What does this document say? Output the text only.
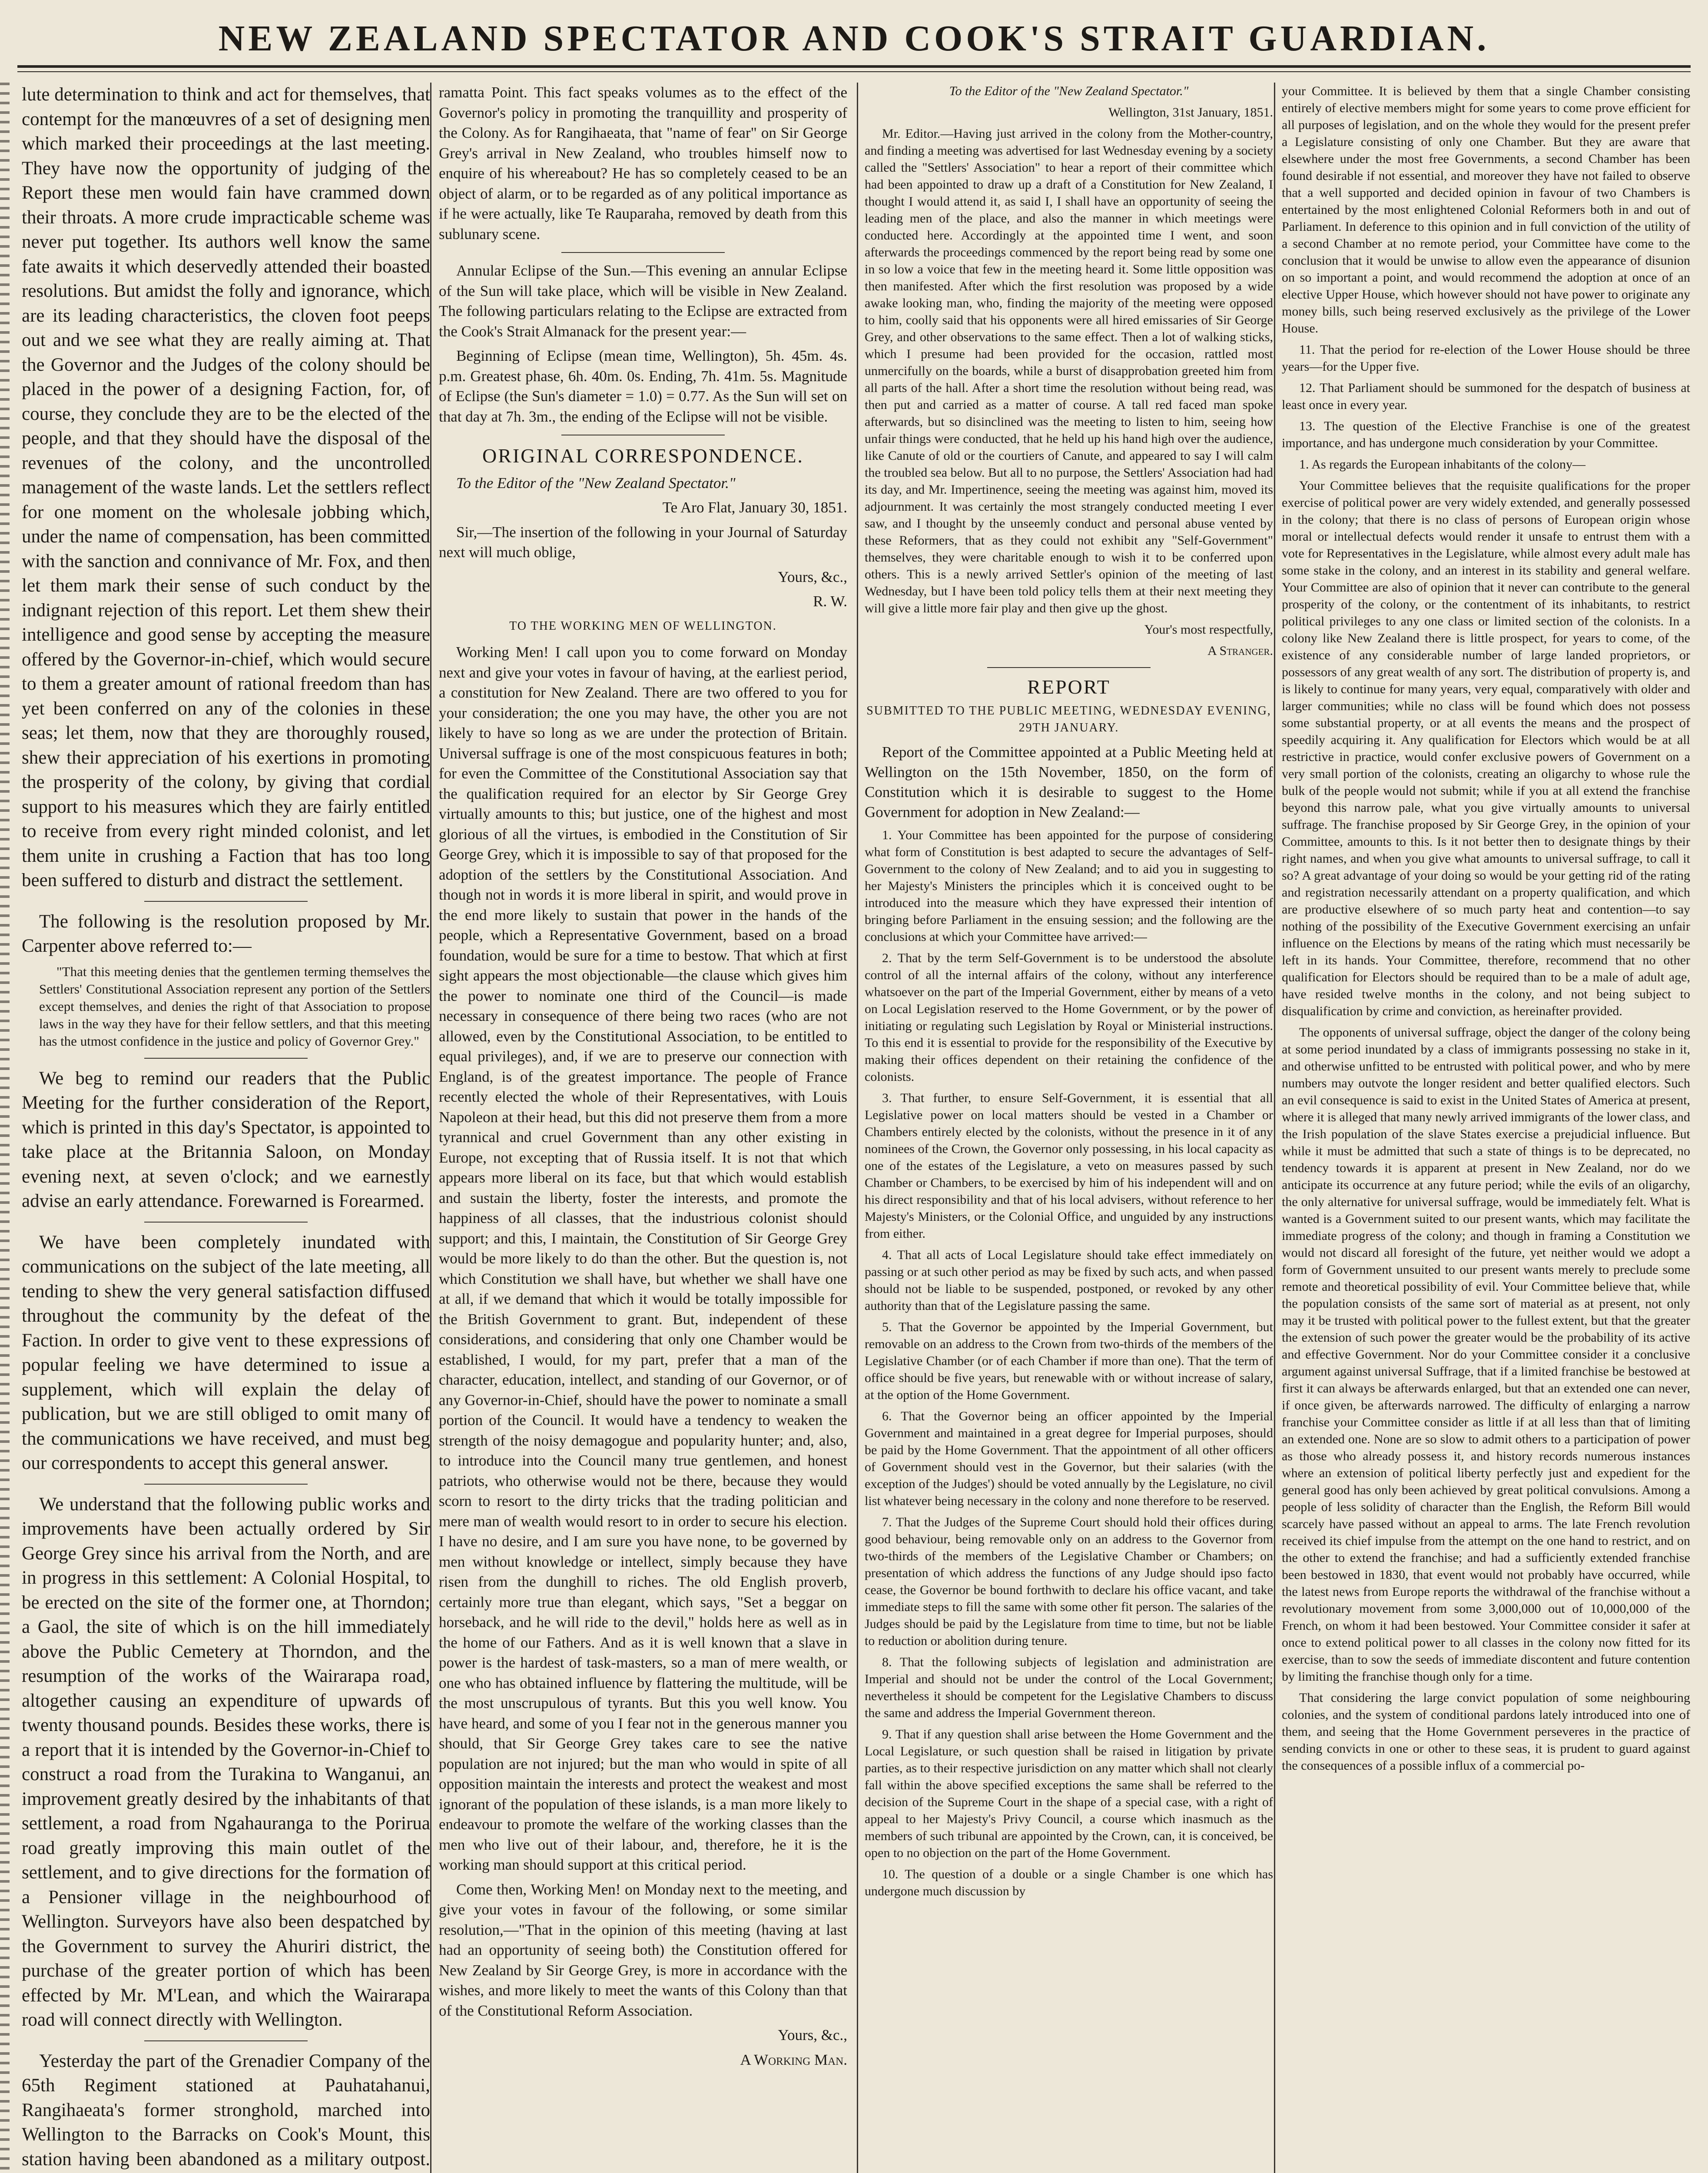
NEW ZEALAND SPECTATOR AND COOK'S STRAIT GUARDIAN.

lute determination to think and act for themselves, that contempt for the manœuvres of a set of designing men which marked their proceedings at the last meeting. They have now the opportunity of judging of the Report these men would fain have crammed down their throats. A more crude impracticable scheme was never put together. Its authors well know the same fate awaits it which deservedly attended their boasted resolutions. But amidst the folly and ignorance, which are its leading characteristics, the cloven foot peeps out and we see what they are really aiming at. That the Governor and the Judges of the colony should be placed in the power of a designing Faction, for, of course, they conclude they are to be the elected of the people, and that they should have the disposal of the revenues of the colony, and the uncontrolled management of the waste lands. Let the settlers reflect for one moment on the wholesale jobbing which, under the name of compensation, has been committed with the sanction and connivance of Mr. Fox, and then let them mark their sense of such conduct by the indignant rejection of this report. Let them shew their intelligence and good sense by accepting the measure offered by the Governor-in-chief, which would secure to them a greater amount of rational freedom than has yet been conferred on any of the colonies in these seas; let them, now that they are thoroughly roused, shew their appreciation of his exertions in promoting the prosperity of the colony, by giving that cordial support to his measures which they are fairly entitled to receive from every right minded colonist, and let them unite in crushing a Faction that has too long been suffered to disturb and distract the settlement.

The following is the resolution proposed by Mr. Carpenter above referred to:—

"That this meeting denies that the gentlemen terming themselves the Settlers' Constitutional Association represent any portion of the Settlers except themselves, and denies the right of that Association to propose laws in the way they have for their fellow settlers, and that this meeting has the utmost confidence in the justice and policy of Governor Grey."

We beg to remind our readers that the Public Meeting for the further consideration of the Report, which is printed in this day's Spectator, is appointed to take place at the Britannia Saloon, on Monday evening next, at seven o'clock; and we earnestly advise an early attendance. Forewarned is Forearmed.

We have been completely inundated with communications on the subject of the late meeting, all tending to shew the very general satisfaction diffused throughout the community by the defeat of the Faction. In order to give vent to these expressions of popular feeling we have determined to issue a supplement, which will explain the delay of publication, but we are still obliged to omit many of the communications we have received, and must beg our correspondents to accept this general answer.

We understand that the following public works and improvements have been actually ordered by Sir George Grey since his arrival from the North, and are in progress in this settlement: A Colonial Hospital, to be erected on the site of the former one, at Thorndon; a Gaol, the site of which is on the hill immediately above the Public Cemetery at Thorndon, and the resumption of the works of the Wairarapa road, altogether causing an expenditure of upwards of twenty thousand pounds. Besides these works, there is a report that it is intended by the Governor-in-Chief to construct a road from the Turakina to Wanganui, an improvement greatly desired by the inhabitants of that settlement, a road from Ngahauranga to the Porirua road greatly improving this main outlet of the settlement, and to give directions for the formation of a Pensioner village in the neighbourhood of Wellington. Surveyors have also been despatched by the Government to survey the Ahuriri district, the purchase of the greater portion of which has been effected by Mr. M'Lean, and which the Wairarapa road will connect directly with Wellington.

Yesterday the part of the Grenadier Company of the 65th Regiment stationed at Pauhatahanui, Rangihaeata's former stronghold, marched into Wellington to the Barracks on Cook's Mount, this station having been abandoned as a military outpost.

ramatta Point. This fact speaks volumes as to the effect of the Governor's policy in promoting the tranquillity and prosperity of the Colony. As for Rangihaeata, that "name of fear" on Sir George Grey's arrival in New Zealand, who troubles himself now to enquire of his whereabout? He has so completely ceased to be an object of alarm, or to be regarded as of any political importance as if he were actually, like Te Rauparaha, removed by death from this sublunary scene.

Annular Eclipse of the Sun.—This evening an annular Eclipse of the Sun will take place, which will be visible in New Zealand. The following particulars relating to the Eclipse are extracted from the Cook's Strait Almanack for the present year:—

Beginning of Eclipse (mean time, Wellington), 5h. 45m. 4s. p.m. Greatest phase, 6h. 40m. 0s. Ending, 7h. 41m. 5s. Magnitude of Eclipse (the Sun's diameter = 1.0) = 0.77. As the Sun will set on that day at 7h. 3m., the ending of the Eclipse will not be visible.

ORIGINAL CORRESPONDENCE.

To the Editor of the "New Zealand Spectator."

Te Aro Flat, January 30, 1851.

Sir,—The insertion of the following in your Journal of Saturday next will much oblige,

Yours, &c.,

R. W.

TO THE WORKING MEN OF WELLINGTON.

Working Men! I call upon you to come forward on Monday next and give your votes in favour of having, at the earliest period, a constitution for New Zealand. There are two offered to you for your consideration; the one you may have, the other you are not likely to have so long as we are under the protection of Britain. Universal suffrage is one of the most conspicuous features in both; for even the Committee of the Constitutional Association say that the qualification required for an elector by Sir George Grey virtually amounts to this; but justice, one of the highest and most glorious of all the virtues, is embodied in the Constitution of Sir George Grey, which it is impossible to say of that proposed for the adoption of the settlers by the Constitutional Association. And though not in words it is more liberal in spirit, and would prove in the end more likely to sustain that power in the hands of the people, which a Representative Government, based on a broad foundation, would be sure for a time to bestow. That which at first sight appears the most objectionable—the clause which gives him the power to nominate one third of the Council—is made necessary in consequence of there being two races (who are not allowed, even by the Constitutional Association, to be entitled to equal privileges), and, if we are to preserve our connection with England, is of the greatest importance. The people of France recently elected the whole of their Representatives, with Louis Napoleon at their head, but this did not preserve them from a more tyrannical and cruel Government than any other existing in Europe, not excepting that of Russia itself. It is not that which appears more liberal on its face, but that which would establish and sustain the liberty, foster the interests, and promote the happiness of all classes, that the industrious colonist should support; and this, I maintain, the Constitution of Sir George Grey would be more likely to do than the other. But the question is, not which Constitution we shall have, but whether we shall have one at all, if we demand that which it would be totally impossible for the British Government to grant. But, independent of these considerations, and considering that only one Chamber would be established, I would, for my part, prefer that a man of the character, education, intellect, and standing of our Governor, or of any Governor-in-Chief, should have the power to nominate a small portion of the Council. It would have a tendency to weaken the strength of the noisy demagogue and popularity hunter; and, also, to introduce into the Council many true gentlemen, and honest patriots, who otherwise would not be there, because they would scorn to resort to the dirty tricks that the trading politician and mere man of wealth would resort to in order to secure his election. I have no desire, and I am sure you have none, to be governed by men without knowledge or intellect, simply because they have risen from the dunghill to riches. The old English proverb, certainly more true than elegant, which says, "Set a beggar on horseback, and he will ride to the devil," holds here as well as in the home of our Fathers. And as it is well known that a slave in power is the hardest of task-masters, so a man of mere wealth, or one who has obtained influence by flattering the multitude, will be the most unscrupulous of tyrants. But this you well know. You have heard, and some of you I fear not in the generous manner you should, that Sir George Grey takes care to see the native population are not injured; but the man who would in spite of all opposition maintain the interests and protect the weakest and most ignorant of the population of these islands, is a man more likely to endeavour to promote the welfare of the working classes than the men who live out of their labour, and, therefore, he it is the working man should support at this critical period.

Come then, Working Men! on Monday next to the meeting, and give your votes in favour of the following, or some similar resolution,—"That in the opinion of this meeting (having at last had an opportunity of seeing both) the Constitution offered for New Zealand by Sir George Grey, is more in accordance with the wishes, and more likely to meet the wants of this Colony than that of the Constitutional Reform Association.

Yours, &c.,

A Working Man.

To the Editor of the "New Zealand Spectator."

Wellington, 31st January, 1851.

Mr. Editor.—Having just arrived in the colony from the Mother-country, and finding a meeting was advertised for last Wednesday evening by a society called the "Settlers' Association" to hear a report of their committee which had been appointed to draw up a draft of a Constitution for New Zealand, I thought I would attend it, as said I, I shall have an opportunity of seeing the leading men of the place, and also the manner in which meetings were conducted here. Accordingly at the appointed time I went, and soon afterwards the proceedings commenced by the report being read by some one in so low a voice that few in the meeting heard it. Some little opposition was then manifested. After which the first resolution was proposed by a wide awake looking man, who, finding the majority of the meeting were opposed to him, coolly said that his opponents were all hired emissaries of Sir George Grey, and other observations to the same effect. Then a lot of walking sticks, which I presume had been provided for the occasion, rattled most unmercifully on the boards, while a burst of disapprobation greeted him from all parts of the hall. After a short time the resolution without being read, was then put and carried as a matter of course. A tall red faced man spoke afterwards, but so disinclined was the meeting to listen to him, seeing how unfair things were conducted, that he held up his hand high over the audience, like Canute of old or the courtiers of Canute, and appeared to say I will calm the troubled sea below. But all to no purpose, the Settlers' Association had had its day, and Mr. Impertinence, seeing the meeting was against him, moved its adjournment. It was certainly the most strangely conducted meeting I ever saw, and I thought by the unseemly conduct and personal abuse vented by these Reformers, that as they could not exhibit any "Self-Government" themselves, they were charitable enough to wish it to be conferred upon others. This is a newly arrived Settler's opinion of the meeting of last Wednesday, but I have been told policy tells them at their next meeting they will give a little more fair play and then give up the ghost.

Your's most respectfully,

A Stranger.

REPORT
SUBMITTED TO THE PUBLIC MEETING, WEDNESDAY EVENING, 29TH JANUARY.

Report of the Committee appointed at a Public Meeting held at Wellington on the 15th November, 1850, on the form of Constitution which it is desirable to suggest to the Home Government for adoption in New Zealand:—

1. Your Committee has been appointed for the purpose of considering what form of Constitution is best adapted to secure the advantages of Self-Government to the colony of New Zealand; and to aid you in suggesting to her Majesty's Ministers the principles which it is conceived ought to be introduced into the measure which they have expressed their intention of bringing before Parliament in the ensuing session; and the following are the conclusions at which your Committee have arrived:—

2. That by the term Self-Government is to be understood the absolute control of all the internal affairs of the colony, without any interference whatsoever on the part of the Imperial Government, either by means of a veto on Local Legislation reserved to the Home Government, or by the power of initiating or regulating such Legislation by Royal or Ministerial instructions. To this end it is essential to provide for the responsibility of the Executive by making their offices dependent on their retaining the confidence of the colonists.

3. That further, to ensure Self-Government, it is essential that all Legislative power on local matters should be vested in a Chamber or Chambers entirely elected by the colonists, without the presence in it of any nominees of the Crown, the Governor only possessing, in his local capacity as one of the estates of the Legislature, a veto on measures passed by such Chamber or Chambers, to be exercised by him of his independent will and on his direct responsibility and that of his local advisers, without reference to her Majesty's Ministers, or the Colonial Office, and unguided by any instructions from either.

4. That all acts of Local Legislature should take effect immediately on passing or at such other period as may be fixed by such acts, and when passed should not be liable to be suspended, postponed, or revoked by any other authority than that of the Legislature passing the same.

5. That the Governor be appointed by the Imperial Government, but removable on an address to the Crown from two-thirds of the members of the Legislative Chamber (or of each Chamber if more than one). That the term of office should be five years, but renewable with or without increase of salary, at the option of the Home Government.

6. That the Governor being an officer appointed by the Imperial Government and maintained in a great degree for Imperial purposes, should be paid by the Home Government. That the appointment of all other officers of Government should vest in the Governor, but their salaries (with the exception of the Judges') should be voted annually by the Legislature, no civil list whatever being necessary in the colony and none therefore to be reserved.

7. That the Judges of the Supreme Court should hold their offices during good behaviour, being removable only on an address to the Governor from two-thirds of the members of the Legislative Chamber or Chambers; on presentation of which address the functions of any Judge should ipso facto cease, the Governor be bound forthwith to declare his office vacant, and take immediate steps to fill the same with some other fit person. The salaries of the Judges should be paid by the Legislature from time to time, but not be liable to reduction or abolition during tenure.

8. That the following subjects of legislation and administration are Imperial and should not be under the control of the Local Government; nevertheless it should be competent for the Legislative Chambers to discuss the same and address the Imperial Government thereon.

9. That if any question shall arise between the Home Government and the Local Legislature, or such question shall be raised in litigation by private parties, as to their respective jurisdiction on any matter which shall not clearly fall within the above specified exceptions the same shall be referred to the decision of the Supreme Court in the shape of a special case, with a right of appeal to her Majesty's Privy Council, a course which inasmuch as the members of such tribunal are appointed by the Crown, can, it is conceived, be open to no objection on the part of the Home Government.

10. The question of a double or a single Chamber is one which has undergone much discussion by

your Committee. It is believed by them that a single Chamber consisting entirely of elective members might for some years to come prove efficient for all purposes of legislation, and on the whole they would for the present prefer a Legislature consisting of only one Chamber. But they are aware that elsewhere under the most free Governments, a second Chamber has been found desirable if not essential, and moreover they have not failed to observe that a well supported and decided opinion in favour of two Chambers is entertained by the most enlightened Colonial Reformers both in and out of Parliament. In deference to this opinion and in full conviction of the utility of a second Chamber at no remote period, your Committee have come to the conclusion that it would be unwise to allow even the appearance of disunion on so important a point, and would recommend the adoption at once of an elective Upper House, which however should not have power to originate any money bills, such being reserved exclusively as the privilege of the Lower House.

11. That the period for re-election of the Lower House should be three years—for the Upper five.

12. That Parliament should be summoned for the despatch of business at least once in every year.

13. The question of the Elective Franchise is one of the greatest importance, and has undergone much consideration by your Committee.

1. As regards the European inhabitants of the colony—

Your Committee believes that the requisite qualifications for the proper exercise of political power are very widely extended, and generally possessed in the colony; that there is no class of persons of European origin whose moral or intellectual defects would render it unsafe to entrust them with a vote for Representatives in the Legislature, while almost every adult male has some stake in the colony, and an interest in its stability and general welfare. Your Committee are also of opinion that it never can contribute to the general prosperity of the colony, or the contentment of its inhabitants, to restrict political privileges to any one class or limited section of the colonists. In a colony like New Zealand there is little prospect, for years to come, of the existence of any considerable number of large landed proprietors, or possessors of any great wealth of any sort. The distribution of property is, and is likely to continue for many years, very equal, comparatively with older and larger communities; while no class will be found which does not possess some substantial property, or at all events the means and the prospect of speedily acquiring it. Any qualification for Electors which would be at all restrictive in practice, would confer exclusive powers of Government on a very small portion of the colonists, creating an oligarchy to whose rule the bulk of the people would not submit; while if you at all extend the franchise beyond this narrow pale, what you give virtually amounts to universal suffrage. The franchise proposed by Sir George Grey, in the opinion of your Committee, amounts to this. Is it not better then to designate things by their right names, and when you give what amounts to universal suffrage, to call it so? A great advantage of your doing so would be your getting rid of the rating and registration necessarily attendant on a property qualification, and which are productive elsewhere of so much party heat and contention—to say nothing of the possibility of the Executive Government exercising an unfair influence on the Elections by means of the rating which must necessarily be left in its hands. Your Committee, therefore, recommend that no other qualification for Electors should be required than to be a male of adult age, have resided twelve months in the colony, and not being subject to disqualification by crime and conviction, as hereinafter provided.

The opponents of universal suffrage, object the danger of the colony being at some period inundated by a class of immigrants possessing no stake in it, and otherwise unfitted to be entrusted with political power, and who by mere numbers may outvote the longer resident and better qualified electors. Such an evil consequence is said to exist in the United States of America at present, where it is alleged that many newly arrived immigrants of the lower class, and the Irish population of the slave States exercise a prejudicial influence. But while it must be admitted that such a state of things is to be deprecated, no tendency towards it is apparent at present in New Zealand, nor do we anticipate its occurrence at any future period; while the evils of an oligarchy, the only alternative for universal suffrage, would be immediately felt. What is wanted is a Government suited to our present wants, which may facilitate the immediate progress of the colony; and though in framing a Constitution we would not discard all foresight of the future, yet neither would we adopt a form of Government unsuited to our present wants merely to preclude some remote and theoretical possibility of evil. Your Committee believe that, while the population consists of the same sort of material as at present, not only may it be trusted with political power to the fullest extent, but that the greater the extension of such power the greater would be the probability of its active and effective Government. Nor do your Committee consider it a conclusive argument against universal Suffrage, that if a limited franchise be bestowed at first it can always be afterwards enlarged, but that an extended one can never, if once given, be afterwards narrowed. The difficulty of enlarging a narrow franchise your Committee consider as little if at all less than that of limiting an extended one. None are so slow to admit others to a participation of power as those who already possess it, and history records numerous instances where an extension of political liberty perfectly just and expedient for the general good has only been achieved by great political convulsions. Among a people of less solidity of character than the English, the Reform Bill would scarcely have passed without an appeal to arms. The late French revolution received its chief impulse from the attempt on the one hand to restrict, and on the other to extend the franchise; and had a sufficiently extended franchise been bestowed in 1830, that event would not probably have occurred, while the latest news from Europe reports the withdrawal of the franchise without a revolutionary movement from some 3,000,000 out of 10,000,000 of the French, on whom it had been bestowed. Your Committee consider it safer at once to extend political power to all classes in the colony now fitted for its exercise, than to sow the seeds of immediate discontent and future contention by limiting the franchise though only for a time.

That considering the large convict population of some neighbouring colonies, and the system of conditional pardons lately introduced into one of them, and seeing that the Home Government perseveres in the practice of sending convicts in one or other to these seas, it is prudent to guard against the consequences of a possible influx of a commercial po-
